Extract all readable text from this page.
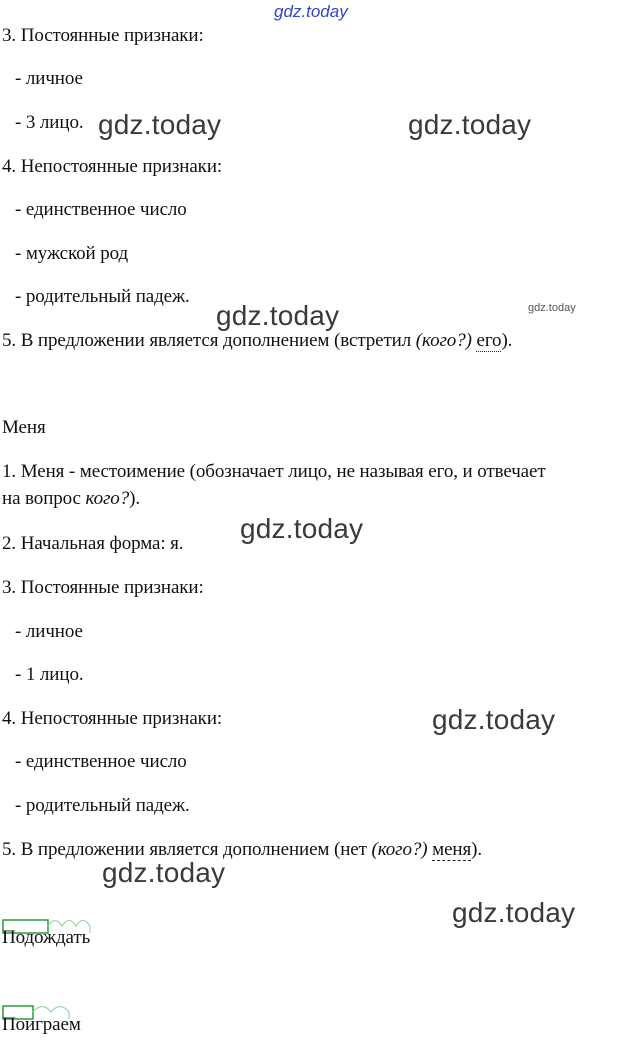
gdz.today
gdz.today	gdz.today
gdz.today
gdz.today
gdz.today
gdz.today
gdz.today
gdz.today
3. Постоянные признаки:
- личное
- 3 лицо.
4. Непостоянные признаки:
- единственное число
- мужской род
- родительный падеж.
5. В предложении является дополнением (встретил (кого?) его).
Меня
1. Меня - местоимение (обозначает лицо, не называя его, и отвечает
на вопрос кого?).
2. Начальная форма: я.
3. Постоянные признаки:
- личное
- 1 лицо.
4. Непостоянные признаки:
- единственное число
- родительный падеж.
5. В предложении является дополнением (нет (кого?) меня).
Подождать
Поиграем
